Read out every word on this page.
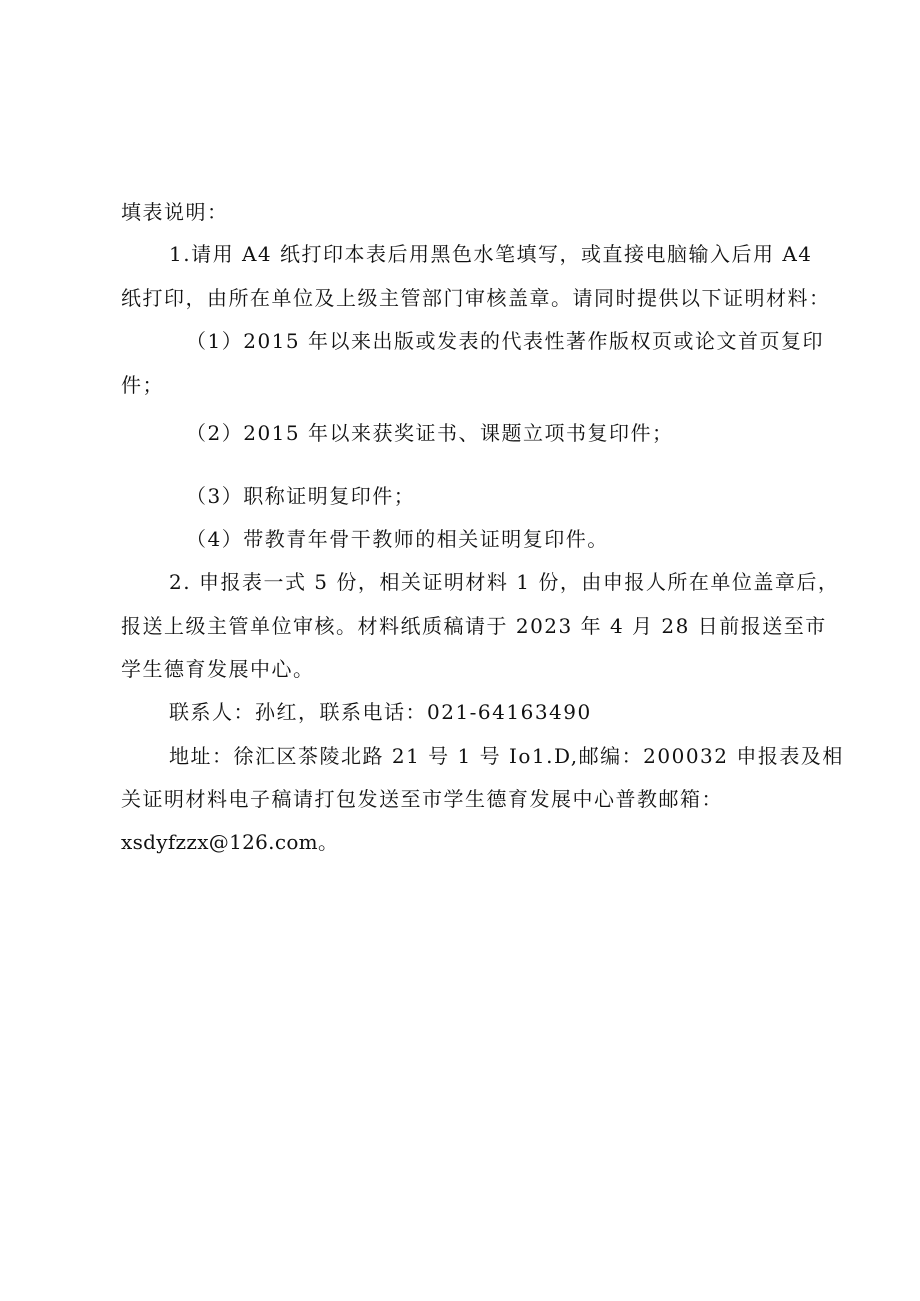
填表说明：
1.请用 A4 纸打印本表后用黑色水笔填写，或直接电脑输入后用 A4
纸打印，由所在单位及上级主管部门审核盖章。请同时提供以下证明材料：
（1）2015 年以来出版或发表的代表性著作版权页或论文首页复印
件；
（2）2015 年以来获奖证书、课题立项书复印件；
（3）职称证明复印件；
（4）带教青年骨干教师的相关证明复印件。
2. 申报表一式 5 份，相关证明材料 1 份，由申报人所在单位盖章后，
报送上级主管单位审核。材料纸质稿请于 2023 年 4 月 28 日前报送至市
学生德育发展中心。
联系人：孙红，联系电话：021-64163490
地址：徐汇区茶陵北路 21 号 1 号 Io1.D,邮编：200032 申报表及相
关证明材料电子稿请打包发送至市学生德育发展中心普教邮箱：
xsdyfzzx@126.com。
